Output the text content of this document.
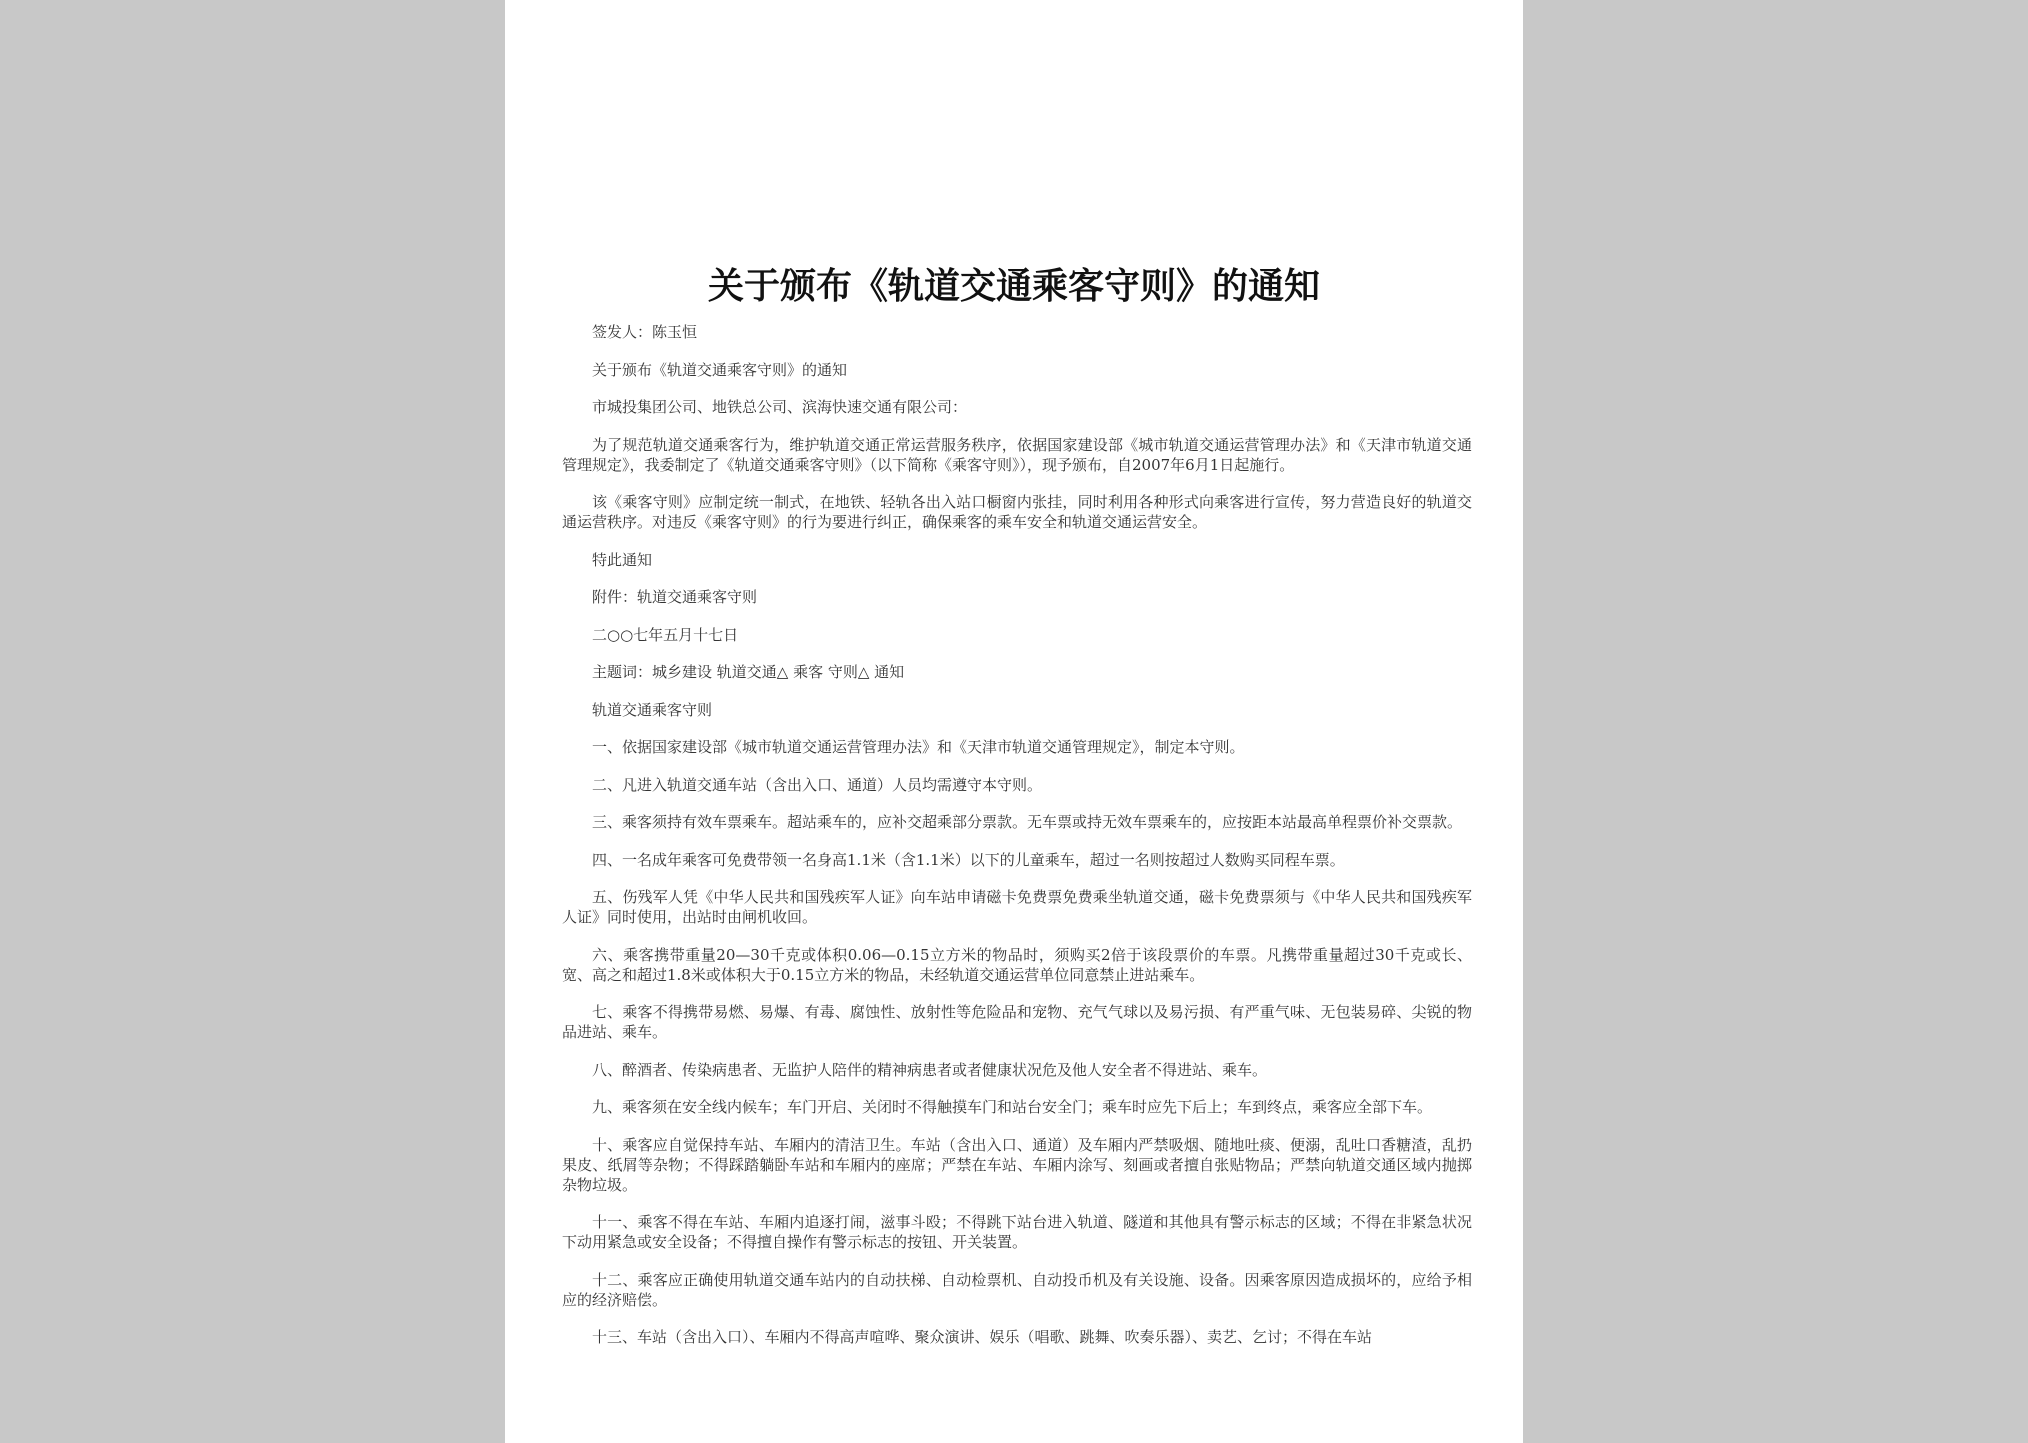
关于颁布《轨道交通乘客守则》的通知

签发人：陈玉恒

关于颁布《轨道交通乘客守则》的通知

市城投集团公司、地铁总公司、滨海快速交通有限公司：

为了规范轨道交通乘客行为，维护轨道交通正常运营服务秩序，依据国家建设部《城市轨道交通运营管理办法》和《天津市轨道交通管理规定》，我委制定了《轨道交通乘客守则》（以下简称《乘客守则》），现予颁布，自2007年6月1日起施行。

该《乘客守则》应制定统一制式，在地铁、轻轨各出入站口橱窗内张挂，同时利用各种形式向乘客进行宣传，努力营造良好的轨道交通运营秩序。对违反《乘客守则》的行为要进行纠正，确保乘客的乘车安全和轨道交通运营安全。

特此通知

附件：轨道交通乘客守则

二○○七年五月十七日

主题词：城乡建设 轨道交通△ 乘客 守则△ 通知

轨道交通乘客守则

一、依据国家建设部《城市轨道交通运营管理办法》和《天津市轨道交通管理规定》，制定本守则。

二、凡进入轨道交通车站（含出入口、通道）人员均需遵守本守则。

三、乘客须持有效车票乘车。超站乘车的，应补交超乘部分票款。无车票或持无效车票乘车的，应按距本站最高单程票价补交票款。

四、一名成年乘客可免费带领一名身高1.1米（含1.1米）以下的儿童乘车，超过一名则按超过人数购买同程车票。

五、伤残军人凭《中华人民共和国残疾军人证》向车站申请磁卡免费票免费乘坐轨道交通，磁卡免费票须与《中华人民共和国残疾军人证》同时使用，出站时由闸机收回。

六、乘客携带重量20—30千克或体积0.06—0.15立方米的物品时，须购买2倍于该段票价的车票。凡携带重量超过30千克或长、宽、高之和超过1.8米或体积大于0.15立方米的物品，未经轨道交通运营单位同意禁止进站乘车。

七、乘客不得携带易燃、易爆、有毒、腐蚀性、放射性等危险品和宠物、充气气球以及易污损、有严重气味、无包装易碎、尖锐的物品进站、乘车。

八、醉酒者、传染病患者、无监护人陪伴的精神病患者或者健康状况危及他人安全者不得进站、乘车。

九、乘客须在安全线内候车；车门开启、关闭时不得触摸车门和站台安全门；乘车时应先下后上；车到终点，乘客应全部下车。

十、乘客应自觉保持车站、车厢内的清洁卫生。车站（含出入口、通道）及车厢内严禁吸烟、随地吐痰、便溺，乱吐口香糖渣，乱扔果皮、纸屑等杂物；不得踩踏躺卧车站和车厢内的座席；严禁在车站、车厢内涂写、刻画或者擅自张贴物品；严禁向轨道交通区域内抛掷杂物垃圾。

十一、乘客不得在车站、车厢内追逐打闹，滋事斗殴；不得跳下站台进入轨道、隧道和其他具有警示标志的区域；不得在非紧急状况下动用紧急或安全设备；不得擅自操作有警示标志的按钮、开关装置。

十二、乘客应正确使用轨道交通车站内的自动扶梯、自动检票机、自动投币机及有关设施、设备。因乘客原因造成损坏的，应给予相应的经济赔偿。

十三、车站（含出入口）、车厢内不得高声喧哗、聚众演讲、娱乐（唱歌、跳舞、吹奏乐器）、卖艺、乞讨；不得在车站
